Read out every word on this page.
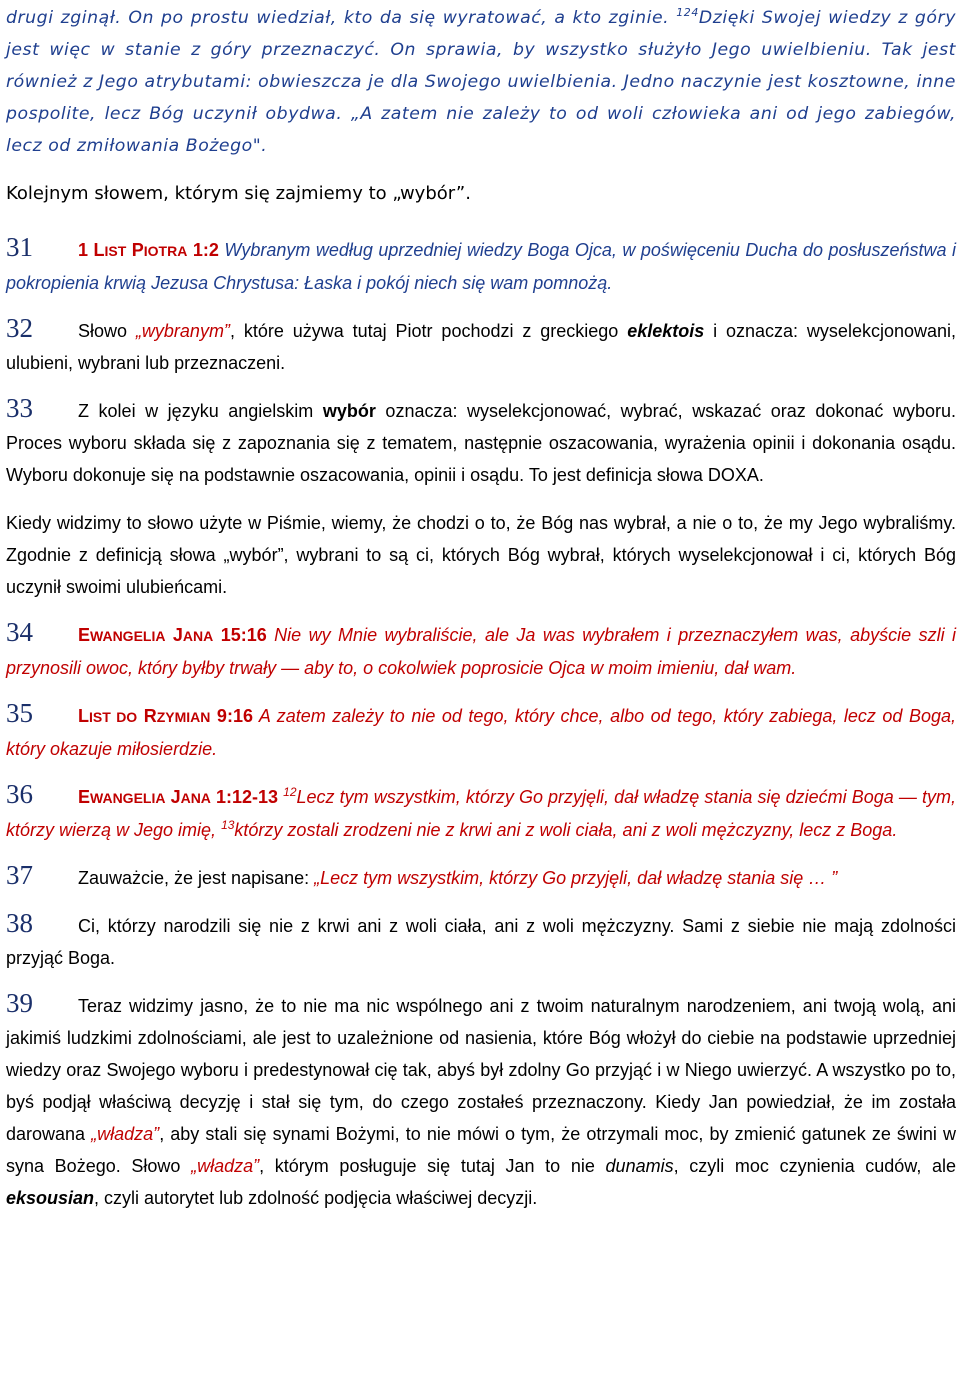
drugi zginął. On po prostu wiedział, kto da się wyratować, a kto zginie. $^{124}$Dzięki Swojej wiedzy z góry jest więc w stanie z góry przeznaczyć. On sprawia, by wszystko służyło Jego uwielbieniu. Tak jest również z Jego atrybutami: obwieszcza je dla Swojego uwielbienia. Jedno naczynie jest kosztowne, inne pospolite, lecz Bóg uczynił obydwa. „A zatem nie zależy to od woli człowieka ani od jego zabiegów, lecz od zmiłowania Bożego".

Kolejnym słowem, którym się zajmiemy to „wybór”.

31	1 LIST PIOTRA 1:2 Wybranym według uprzedniej wiedzy Boga Ojca, w poświęceniu Ducha do posłuszeństwa i pokropienia krwią Jezusa Chrystusa: Łaska i pokój niech się wam pomnożą.

32	Słowo „wybranym”, które używa tutaj Piotr pochodzi z greckiego eklektois i oznacza: wyselekcjonowani, ulubieni, wybrani lub przeznaczeni.

33	Z kolei w języku angielskim wybór oznacza: wyselekcjonować, wybrać, wskazać oraz dokonać wyboru. Proces wyboru składa się z zapoznania się z tematem, następnie oszacowania, wyrażenia opinii i dokonania osądu. Wyboru dokonuje się na podstawnie oszacowania, opinii i osądu. To jest definicja słowa DOXA.

Kiedy widzimy to słowo użyte w Piśmie, wiemy, że chodzi o to, że Bóg nas wybrał, a nie o to, że my Jego wybraliśmy. Zgodnie z definicją słowa „wybór”, wybrani to są ci, których Bóg wybrał, których wyselekcjonował i ci, których Bóg uczynił swoimi ulubieńcami.

34	EWANGELIA JANA 15:16 Nie wy Mnie wybraliście, ale Ja was wybrałem i przeznaczyłem was, abyście szli i przynosili owoc, który byłby trwały — aby to, o cokolwiek poprosicie Ojca w moim imieniu, dał wam.

35	LIST DO RZYMIAN 9:16 A zatem zależy to nie od tego, który chce, albo od tego, który zabiega, lecz od Boga, który okazuje miłosierdzie.

36	EWANGELIA JANA 1:12-13 $^{12}$Lecz tym wszystkim, którzy Go przyjęli, dał władzę stania się dziećmi Boga — tym, którzy wierzą w Jego imię, $^{13}$którzy zostali zrodzeni nie z krwi ani z woli ciała, ani z woli mężczyzny, lecz z Boga.

37	Zauważcie, że jest napisane: „Lecz tym wszystkim, którzy Go przyjęli, dał władzę stania się … ”

38	Ci, którzy narodzili się nie z krwi ani z woli ciała, ani z woli mężczyzny. Sami z siebie nie mają zdolności przyjąć Boga.

39	Teraz widzimy jasno, że to nie ma nic wspólnego ani z twoim naturalnym narodzeniem, ani twoją wolą, ani jakimiś ludzkimi zdolnościami, ale jest to uzależnione od nasienia, które Bóg włożył do ciebie na podstawie uprzedniej wiedzy oraz Swojego wyboru i predestynował cię tak, abyś był zdolny Go przyjąć i w Niego uwierzyć. A wszystko po to, byś podjął właściwą decyzję i stał się tym, do czego zostałeś przeznaczony. Kiedy Jan powiedział, że im została darowana „władza”, aby stali się synami Bożymi, to nie mówi o tym, że otrzymali moc, by zmienić gatunek ze świni w syna Bożego. Słowo „władza”, którym posługuje się tutaj Jan to nie dunamis, czyli moc czynienia cudów, ale eksousian, czyli autorytet lub zdolność podjęcia właściwej decyzji.
